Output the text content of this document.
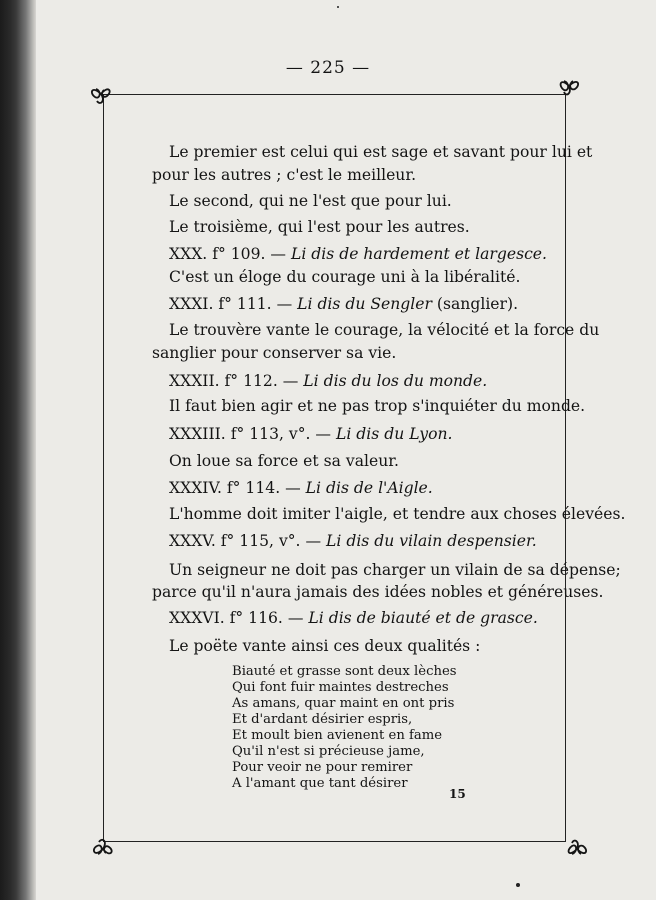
— 225 —
Le premier est celui qui est sage et savant pour lui et
pour les autres ; c'est le meilleur.
Le second, qui ne l'est que pour lui.
Le troisième, qui l'est pour les autres.
XXX. f° 109. — Li dis de hardement et largesce.
C'est un éloge du courage uni à la libéralité.
XXXI. f° 111. — Li dis du Sengler (sanglier).
Le trouvère vante le courage, la vélocité et la force du
sanglier pour conserver sa vie.
XXXII. f° 112. — Li dis du los du monde.
Il faut bien agir et ne pas trop s'inquiéter du monde.
XXXIII. f° 113, v°. — Li dis du Lyon.
On loue sa force et sa valeur.
XXXIV. f° 114. — Li dis de l'Aigle.
L'homme doit imiter l'aigle, et tendre aux choses élevées.
XXXV. f° 115, v°. — Li dis du vilain despensier.
Un seigneur ne doit pas charger un vilain de sa dépense;
parce qu'il n'aura jamais des idées nobles et généreuses.
XXXVI. f° 116. — Li dis de biauté et de grasce.
Le poëte vante ainsi ces deux qualités :
Biauté et grasse sont deux lèches
Qui font fuir maintes destreches
As amans, quar maint en ont pris
Et d'ardant désirier espris,
Et moult bien avienent en fame
Qu'il n'est si précieuse jame,
Pour veoir ne pour remirer
A l'amant que tant désirer
15
